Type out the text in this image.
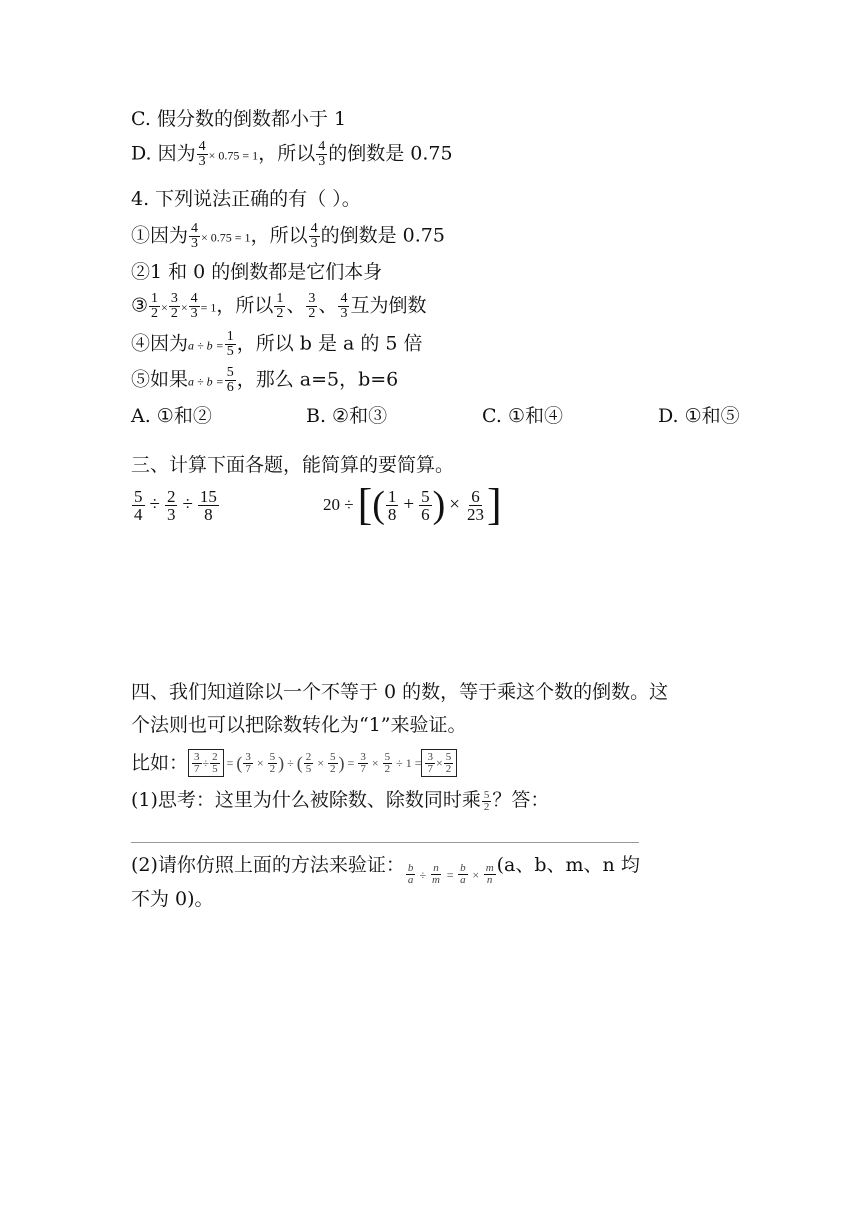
C. 假分数的倒数都小于 1
D. 因为 $\frac{4}{3} \times 0.75 = 1$，所以 $\frac{4}{3}$ 的倒数是 0.75
4. 下列说法正确的有（ ）。
①因为 $\frac{4}{3} \times 0.75 = 1$，所以 $\frac{4}{3}$ 的倒数是 0.75
②1 和 0 的倒数都是它们本身
③ $\frac{1}{2} \times \frac{3}{2} \times \frac{4}{3} = 1$，所以 $\frac{1}{2}$ 、 $\frac{3}{2}$ 、 $\frac{4}{3}$ 互为倒数
④因为$a \div b = \frac{1}{5}$ ，所以 b 是 a 的 5 倍
⑤如果$a \div b = \frac{5}{6}$ ，那么 a=5，b=6
A. ①和②	B. ②和③	C. ①和④	D. ①和⑤
三、计算下面各题，能简算的要简算。
$\frac{5}{4} \div \frac{2}{3} \div \frac{15}{8}$	20 ÷ [ ( $\frac{1}{8} + \frac{5}{6}$ ) × $\frac{6}{23}$ ]
四、我们知道除以一个不等于 0 的数，等于乘这个数的倒数。这
个法则也可以把除数转化为“1”来验证。
比如： $\frac{3}{7} \div \frac{2}{5}$ = ( $\frac{3}{7} \times \frac{5}{2}$ ) ÷ ( $\frac{2}{5} \times \frac{5}{2}$ ) = $\frac{3}{7} \times \frac{5}{2} \div 1 = \frac{3}{7} \times \frac{5}{2}$
(1)思考：这里为什么被除数、除数同时乘 $\frac{5}{2}$ ？答：
(2)请你仿照上面的方法来验证： $\frac{b}{a} \div \frac{n}{m} = \frac{b}{a} \times \frac{m}{n} (a$、b、m、n 均
不为 0)。
